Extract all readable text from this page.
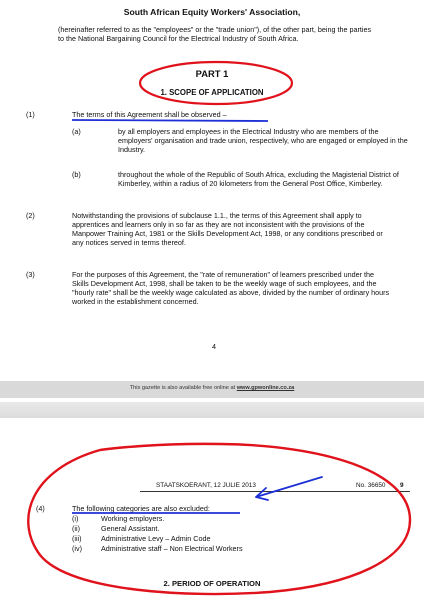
South African Equity Workers' Association,
(hereinafter referred to as the "employees" or the "trade union"), of the other part, being the parties to the National Bargaining Council for the Electrical Industry of South Africa.
PART 1
1. SCOPE OF APPLICATION
(1)	The terms of this Agreement shall be observed –
(a)	by all employers and employees in the Electrical Industry who are members of the employers' organisation and trade union, respectively, who are engaged or employed in the Industry.
(b)	throughout the whole of the Republic of South Africa, excluding the Magisterial District of Kimberley, within a radius of 20 kilometers from the General Post Office, Kimberley.
(2)	Notwithstanding the provisions of subclause 1.1., the terms of this Agreement shall apply to apprentices and learners only in so far as they are not inconsistent with the provisions of the Manpower Training Act, 1981 or the Skills Development Act, 1998, or any conditions prescribed or any notices served in terms thereof.
(3)	For the purposes of this Agreement, the "rate of remuneration" of learners prescribed under the Skills Development Act, 1998, shall be taken to be the weekly wage of such employees, and the "hourly rate" shall be the weekly wage calculated as above, divided by the number of ordinary hours worked in the establishment concerned.
4
This gazette is also available free online at www.gpwonline.co.za
STAATSKOERANT, 12 JULIE 2013	No. 36650 9
(4)	The following categories are also excluded:
(i)	Working employers.
(ii)	General Assistant.
(iii)	Administrative Levy – Admin Code
(iv)	Administrative staff – Non Electrical Workers
2. PERIOD OF OPERATION
